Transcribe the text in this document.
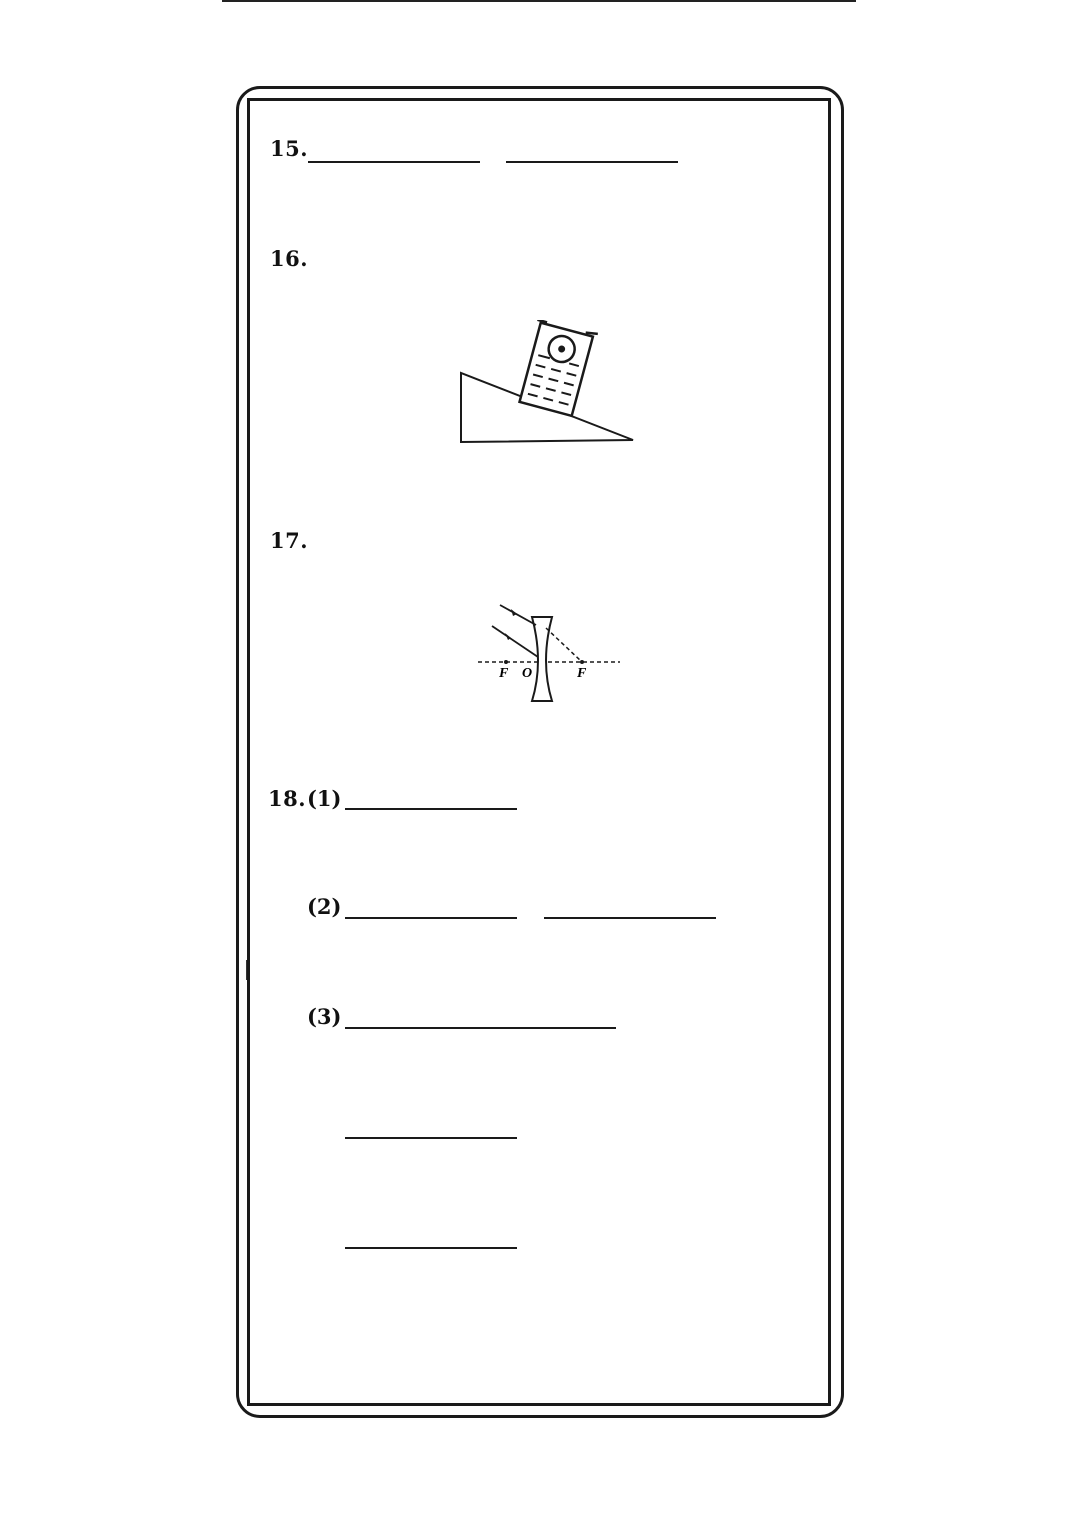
15.
16.
17.
F O	F
18. (1)
(2)
(3)
